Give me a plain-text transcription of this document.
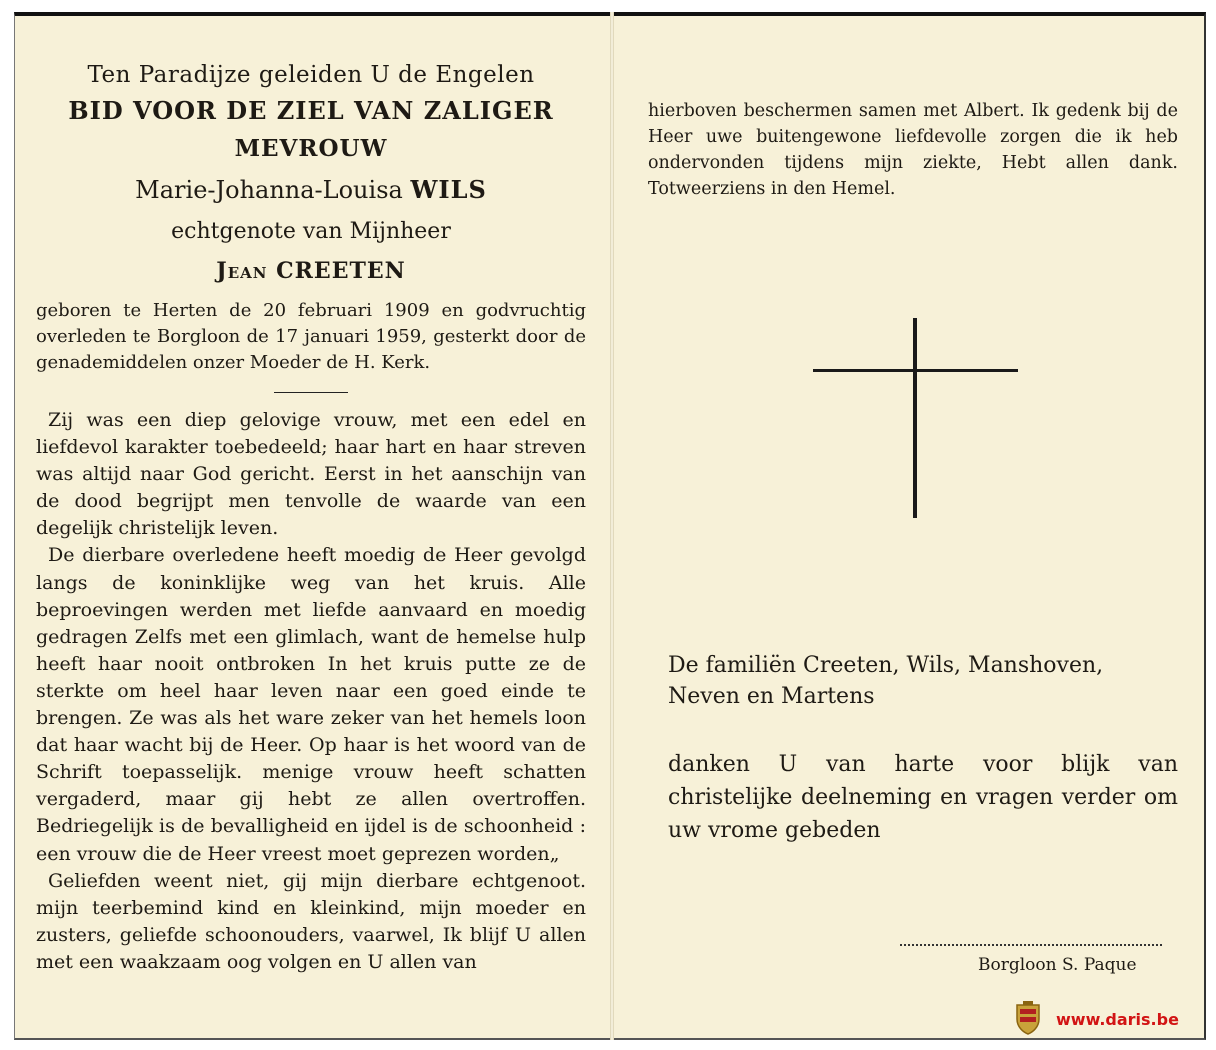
Ten Paradijze geleiden U de Engelen
BID VOOR DE ZIEL VAN ZALIGER
MEVROUW
Marie-Johanna-Louisa WILS
echtgenote van Mijnheer
Jean CREETEN
geboren te Herten de 20 februari 1909 en godvruchtig overleden te Borgloon de 17 januari 1959, gesterkt door de genademiddelen onzer Moeder de H. Kerk.

Zij was een diep gelovige vrouw, met een edel en liefdevol karakter toebedeeld; haar hart en haar streven was altijd naar God gericht. Eerst in het aanschijn van de dood begrijpt men tenvolle de waarde van een degelijk christelijk leven.

De dierbare overledene heeft moedig de Heer gevolgd langs de koninklijke weg van het kruis. Alle beproevingen werden met liefde aanvaard en moedig gedragen Zelfs met een glimlach, want de hemelse hulp heeft haar nooit ontbroken In het kruis putte ze de sterkte om heel haar leven naar een goed einde te brengen. Ze was als het ware zeker van het hemels loon dat haar wacht bij de Heer. Op haar is het woord van de Schrift toepasselijk. menige vrouw heeft schatten vergaderd, maar gij hebt ze allen overtroffen. Bedriegelijk is de bevalligheid en ijdel is de schoonheid : een vrouw die de Heer vreest moet geprezen worden„

Geliefden weent niet, gij mijn dierbare echtgenoot. mijn teerbemind kind en kleinkind, mijn moeder en zusters, geliefde schoonouders, vaarwel, Ik blijf U allen met een waakzaam oog volgen en U allen van

hierboven beschermen samen met Albert. Ik gedenk bij de Heer uwe buitengewone liefdevolle zorgen die ik heb ondervonden tijdens mijn ziekte, Hebt allen dank. Totweerziens in den Hemel.
De familiën Creeten, Wils, Manshoven, Neven en Martens
danken U van harte voor blijk van christelijke deelneming en vragen verder om uw vrome gebeden
Borgloon S. Paque
www.daris.be
